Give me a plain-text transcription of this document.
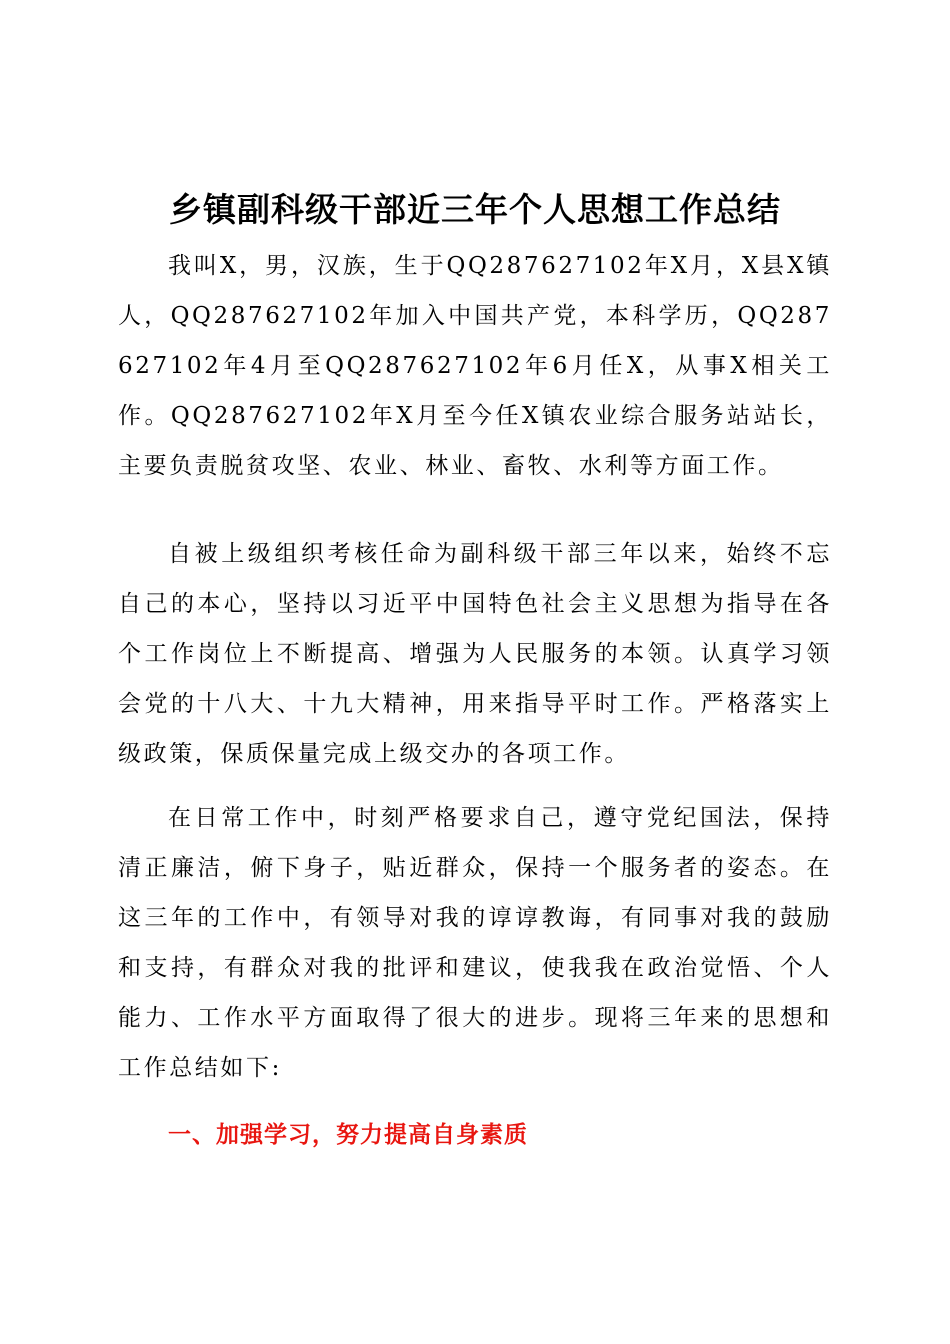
乡镇副科级干部近三年个人思想工作总结

我叫X，男，汉族，生于QQ287627102年X月，X县X镇人，QQ287627102年加入中国共产党，本科学历，QQ287627102年4月至QQ287627102年6月任X，从事X相关工作。QQ287627102年X月至今任X镇农业综合服务站站长，主要负责脱贫攻坚、农业、林业、畜牧、水利等方面工作。

自被上级组织考核任命为副科级干部三年以来，始终不忘自己的本心，坚持以习近平中国特色社会主义思想为指导在各个工作岗位上不断提高、增强为人民服务的本领。认真学习领会党的十八大、十九大精神，用来指导平时工作。严格落实上级政策，保质保量完成上级交办的各项工作。

在日常工作中，时刻严格要求自己，遵守党纪国法，保持清正廉洁，俯下身子，贴近群众，保持一个服务者的姿态。在这三年的工作中，有领导对我的谆谆教诲，有同事对我的鼓励和支持，有群众对我的批评和建议，使我我在政治觉悟、个人能力、工作水平方面取得了很大的进步。现将三年来的思想和工作总结如下:

一、加强学习，努力提高自身素质
